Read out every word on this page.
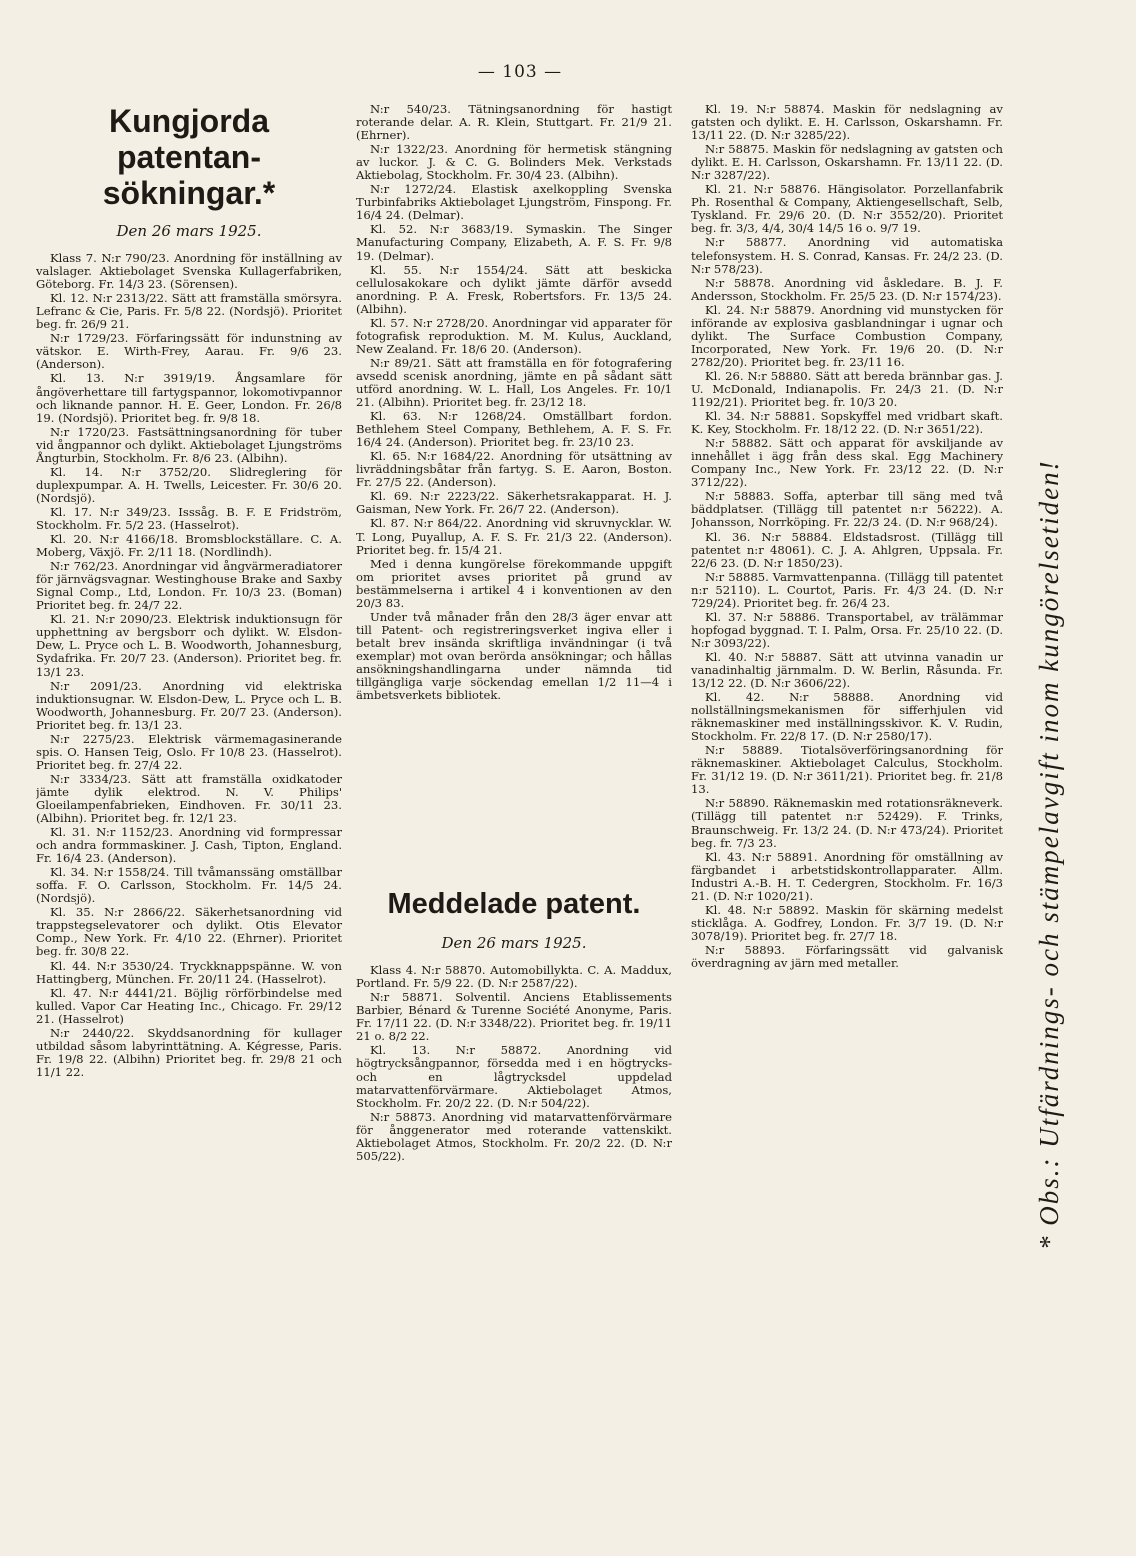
— 103 —
Kungjorda patentan-sökningar.*
Den 26 mars 1925.

Klass 7. N:r 790/23. Anordning för inställning av valslager. Aktiebolaget Svenska Kullagerfabriken, Göteborg. Fr. 14/3 23. (Sörensen).

Kl. 12. N:r 2313/22. Sätt att framställa smörsyra. Lefranc & Cie, Paris. Fr. 5/8 22. (Nordsjö). Prioritet beg. fr. 26/9 21.

N:r 1729/23. Förfaringssätt för indunstning av vätskor. E. Wirth-Frey, Aarau. Fr. 9/6 23. (Anderson).

Kl. 13. N:r 3919/19. Ångsamlare för ångöverhettare till fartygspannor, lokomotivpannor och liknande pannor. H. E. Geer, London. Fr. 26/8 19. (Nordsjö). Prioritet beg. fr. 9/8 18.

N:r 1720/23. Fastsättningsanordning för tuber vid ångpannor och dylikt. Aktiebolaget Ljungströms Ångturbin, Stockholm. Fr. 8/6 23. (Albihn).

Kl. 14. N:r 3752/20. Slidreglering för duplexpumpar. A. H. Twells, Leicester. Fr. 30/6 20. (Nordsjö).

Kl. 17. N:r 349/23. Isssåg. B. F. E Fridström, Stockholm. Fr. 5/2 23. (Hasselrot).

Kl. 20. N:r 4166/18. Bromsblockställare. C. A. Moberg, Växjö. Fr. 2/11 18. (Nordlindh).

N:r 762/23. Anordningar vid ångvärmeradiatorer för järnvägsvagnar. Westinghouse Brake and Saxby Signal Comp., Ltd, London. Fr. 10/3 23. (Boman) Prioritet beg. fr. 24/7 22.

Kl. 21. N:r 2090/23. Elektrisk induktionsugn för upphettning av bergsborr och dylikt. W. Elsdon-Dew, L. Pryce och L. B. Woodworth, Johannesburg, Sydafrika. Fr. 20/7 23. (Anderson). Prioritet beg. fr. 13/1 23.

N:r 2091/23. Anordning vid elektriska induktionsugnar. W. Elsdon-Dew, L. Pryce och L. B. Woodworth, Johannesburg. Fr. 20/7 23. (Anderson). Prioritet beg. fr. 13/1 23.

N:r 2275/23. Elektrisk värmemagasinerande spis. O. Hansen Teig, Oslo. Fr 10/8 23. (Hasselrot). Prioritet beg. fr. 27/4 22.

N:r 3334/23. Sätt att framställa oxidkatoder jämte dylik elektrod. N. V. Philips' Gloeilampenfabrieken, Eindhoven. Fr. 30/11 23. (Albihn). Prioritet beg. fr. 12/1 23.

Kl. 31. N:r 1152/23. Anordning vid formpressar och andra formmaskiner. J. Cash, Tipton, England. Fr. 16/4 23. (Anderson).

Kl. 34. N:r 1558/24. Till tvåmanssäng omställbar soffa. F. O. Carlsson, Stockholm. Fr. 14/5 24. (Nordsjö).

Kl. 35. N:r 2866/22. Säkerhetsanordning vid trappstegselevatorer och dylikt. Otis Elevator Comp., New York. Fr. 4/10 22. (Ehrner). Prioritet beg. fr. 30/8 22.

Kl. 44. N:r 3530/24. Tryckknappspänne. W. von Hattingberg, München. Fr. 20/11 24. (Hasselrot).

Kl. 47. N:r 4441/21. Böjlig rörförbindelse med kulled. Vapor Car Heating Inc., Chicago. Fr. 29/12 21. (Hasselrot)

N:r 2440/22. Skyddsanordning för kullager utbildad såsom labyrinttätning. A. Kégresse, Paris. Fr. 19/8 22. (Albihn) Prioritet beg. fr. 29/8 21 och 11/1 22.

N:r 540/23. Tätningsanordning för hastigt roterande delar. A. R. Klein, Stuttgart. Fr. 21/9 21. (Ehrner).

N:r 1322/23. Anordning för hermetisk stängning av luckor. J. & C. G. Bolinders Mek. Verkstads Aktiebolag, Stockholm. Fr. 30/4 23. (Albihn).

N:r 1272/24. Elastisk axelkoppling Svenska Turbinfabriks Aktiebolaget Ljungström, Finspong. Fr. 16/4 24. (Delmar).

Kl. 52. N:r 3683/19. Symaskin. The Singer Manufacturing Company, Elizabeth, A. F. S. Fr. 9/8 19. (Delmar).

Kl. 55. N:r 1554/24. Sätt att beskicka cellulosakokare och dylikt jämte därför avsedd anordning. P. A. Fresk, Robertsfors. Fr. 13/5 24. (Albihn).

Kl. 57. N:r 2728/20. Anordningar vid apparater för fotografisk reproduktion. M. M. Kulus, Auckland, New Zealand. Fr. 18/6 20. (Anderson).

N:r 89/21. Sätt att framställa en för fotografering avsedd scenisk anordning, jämte en på sådant sätt utförd anordning. W. L. Hall, Los Angeles. Fr. 10/1 21. (Albihn). Prioritet beg. fr. 23/12 18.

Kl. 63. N:r 1268/24. Omställbart fordon. Bethlehem Steel Company, Bethlehem, A. F. S. Fr. 16/4 24. (Anderson). Prioritet beg. fr. 23/10 23.

Kl. 65. N:r 1684/22. Anordning för utsättning av livräddningsbåtar från fartyg. S. E. Aaron, Boston. Fr. 27/5 22. (Anderson).

Kl. 69. N:r 2223/22. Säkerhetsrakapparat. H. J. Gaisman, New York. Fr. 26/7 22. (Anderson).

Kl. 87. N:r 864/22. Anordning vid skruvnycklar. W. T. Long, Puyallup, A. F. S. Fr. 21/3 22. (Anderson). Prioritet beg. fr. 15/4 21.

Med i denna kungörelse förekommande uppgift om prioritet avses prioritet på grund av bestämmelserna i artikel 4 i konventionen av den 20/3 83.

Under två månader från den 28/3 äger envar att till Patent- och registreringsverket ingiva eller i betalt brev insända skriftliga invändningar (i två exemplar) mot ovan berörda ansökningar; och hållas ansökningshandlingarna under nämnda tid tillgängliga varje söckendag emellan 1/2 11—4 i ämbetsverkets bibliotek.

Meddelade patent.
Den 26 mars 1925.

Klass 4. N:r 58870. Automobillykta. C. A. Maddux, Portland. Fr. 5/9 22. (D. N:r 2587/22).

N:r 58871. Solventil. Anciens Etablissements Barbier, Bénard & Turenne Société Anonyme, Paris. Fr. 17/11 22. (D. N:r 3348/22). Prioritet beg. fr. 19/11 21 o. 8/2 22.

Kl. 13. N:r 58872. Anordning vid högtrycksångpannor, försedda med i en högtrycks- och en lågtrycksdel uppdelad matarvattenförvärmare. Aktiebolaget Atmos, Stockholm. Fr. 20/2 22. (D. N:r 504/22).

N:r 58873. Anordning vid matarvattenförvärmare för ånggenerator med roterande vattenskikt. Aktiebolaget Atmos, Stockholm. Fr. 20/2 22. (D. N:r 505/22).

Kl. 19. N:r 58874. Maskin för nedslagning av gatsten och dylikt. E. H. Carlsson, Oskarshamn. Fr. 13/11 22. (D. N:r 3285/22).

N:r 58875. Maskin för nedslagning av gatsten och dylikt. E. H. Carlsson, Oskarshamn. Fr. 13/11 22. (D. N:r 3287/22).

Kl. 21. N:r 58876. Hängisolator. Porzellanfabrik Ph. Rosenthal & Company, Aktiengesellschaft, Selb, Tyskland. Fr. 29/6 20. (D. N:r 3552/20). Prioritet beg. fr. 3/3, 4/4, 30/4 14/5 16 o. 9/7 19.

N:r 58877. Anordning vid automatiska telefonsystem. H. S. Conrad, Kansas. Fr. 24/2 23. (D. N:r 578/23).

N:r 58878. Anordning vid åskledare. B. J. F. Andersson, Stockholm. Fr. 25/5 23. (D. N:r 1574/23).

Kl. 24. N:r 58879. Anordning vid munstycken för införande av explosiva gasblandningar i ugnar och dylikt. The Surface Combustion Company, Incorporated, New York. Fr. 19/6 20. (D. N:r 2782/20). Prioritet beg. fr. 23/11 16.

Kl. 26. N:r 58880. Sätt att bereda brännbar gas. J. U. McDonald, Indianapolis. Fr. 24/3 21. (D. N:r 1192/21). Prioritet beg. fr. 10/3 20.

Kl. 34. N:r 58881. Sopskyffel med vridbart skaft. K. Key, Stockholm. Fr. 18/12 22. (D. N:r 3651/22).

N:r 58882. Sätt och apparat för avskiljande av innehållet i ägg från dess skal. Egg Machinery Company Inc., New York. Fr. 23/12 22. (D. N:r 3712/22).

N:r 58883. Soffa, apterbar till säng med två bäddplatser. (Tillägg till patentet n:r 56222). A. Johansson, Norrköping. Fr. 22/3 24. (D. N:r 968/24).

Kl. 36. N:r 58884. Eldstadsrost. (Tillägg till patentet n:r 48061). C. J. A. Ahlgren, Uppsala. Fr. 22/6 23. (D. N:r 1850/23).

N:r 58885. Varmvattenpanna. (Tillägg till patentet n:r 52110). L. Courtot, Paris. Fr. 4/3 24. (D. N:r 729/24). Prioritet beg. fr. 26/4 23.

Kl. 37. N:r 58886. Transportabel, av trälämmar hopfogad byggnad. T. I. Palm, Orsa. Fr. 25/10 22. (D. N:r 3093/22).

Kl. 40. N:r 58887. Sätt att utvinna vanadin ur vanadinhaltig järnmalm. D. W. Berlin, Råsunda. Fr. 13/12 22. (D. N:r 3606/22).

Kl. 42. N:r 58888. Anordning vid nollställningsmekanismen för sifferhjulen vid räknemaskiner med inställningsskivor. K. V. Rudin, Stockholm. Fr. 22/8 17. (D. N:r 2580/17).

N:r 58889. Tiotalsöverföringsanordning för räknemaskiner. Aktiebolaget Calculus, Stockholm. Fr. 31/12 19. (D. N:r 3611/21). Prioritet beg. fr. 21/8 13.

N:r 58890. Räknemaskin med rotationsräkneverk. (Tillägg till patentet n:r 52429). F. Trinks, Braunschweig. Fr. 13/2 24. (D. N:r 473/24). Prioritet beg. fr. 7/3 23.

Kl. 43. N:r 58891. Anordning för omställning av färgbandet i arbetstidskontrollapparater. Allm. Industri A.-B. H. T. Cedergren, Stockholm. Fr. 16/3 21. (D. N:r 1020/21).

Kl. 48. N:r 58892. Maskin för skärning medelst sticklåga. A. Godfrey, London. Fr. 3/7 19. (D. N:r 3078/19). Prioritet beg. fr. 27/7 18.

N:r 58893. Förfaringssätt vid galvanisk överdragning av järn med metaller.	* Obs.: Utfärdnings- och stämpelavgift inom kungörelsetiden!
